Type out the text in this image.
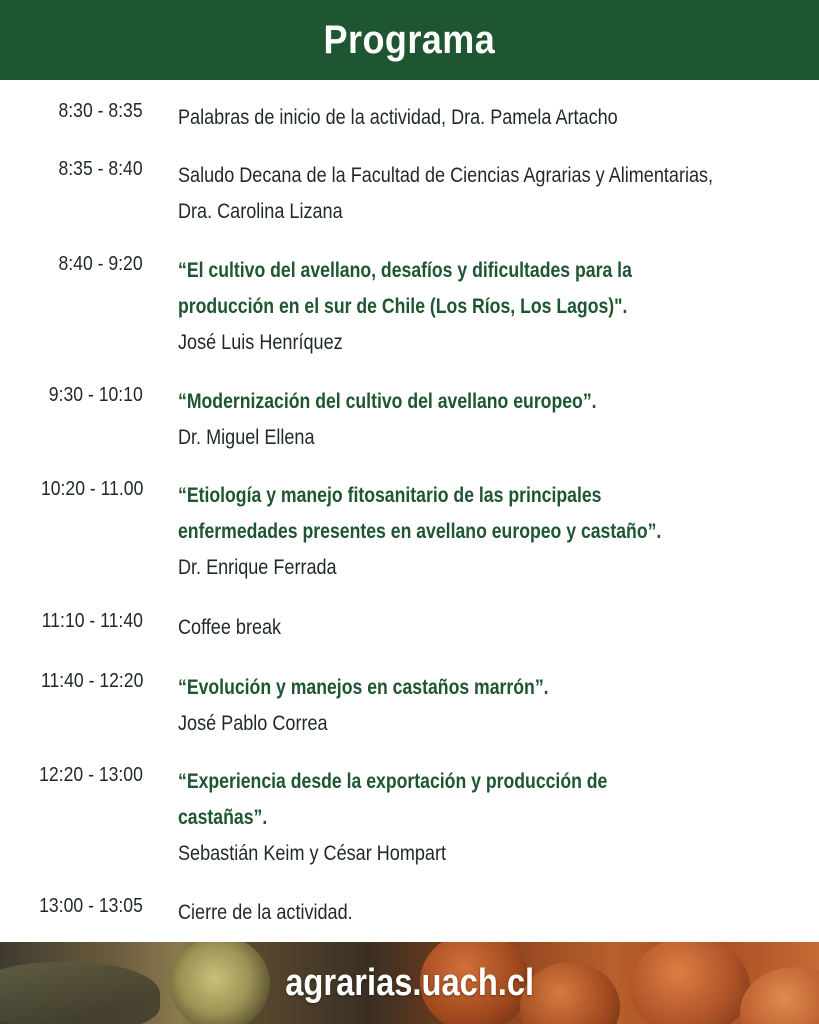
Programa
8:30 - 8:35 Palabras de inicio de la actividad, Dra. Pamela Artacho
8:35 - 8:40 Saludo Decana de la Facultad de Ciencias Agrarias y Alimentarias,
Dra. Carolina Lizana
8:40 - 9:20 “El cultivo del avellano, desafíos y dificultades para la
producción en el sur de Chile (Los Ríos, Los Lagos)".
José Luis Henríquez
9:30 - 10:10 “Modernización del cultivo del avellano europeo”.
Dr. Miguel Ellena
10:20 - 11.00 “Etiología y manejo fitosanitario de las principales
enfermedades presentes en avellano europeo y castaño”.
Dr. Enrique Ferrada
11:10 - 11:40 Coffee break
11:40 - 12:20 “Evolución y manejos en castaños marrón”.
José Pablo Correa
12:20 - 13:00 “Experiencia desde la exportación y producción de
castañas”.
Sebastián Keim y César Hompart
13:00 - 13:05 Cierre de la actividad.
agrarias.uach.cl
